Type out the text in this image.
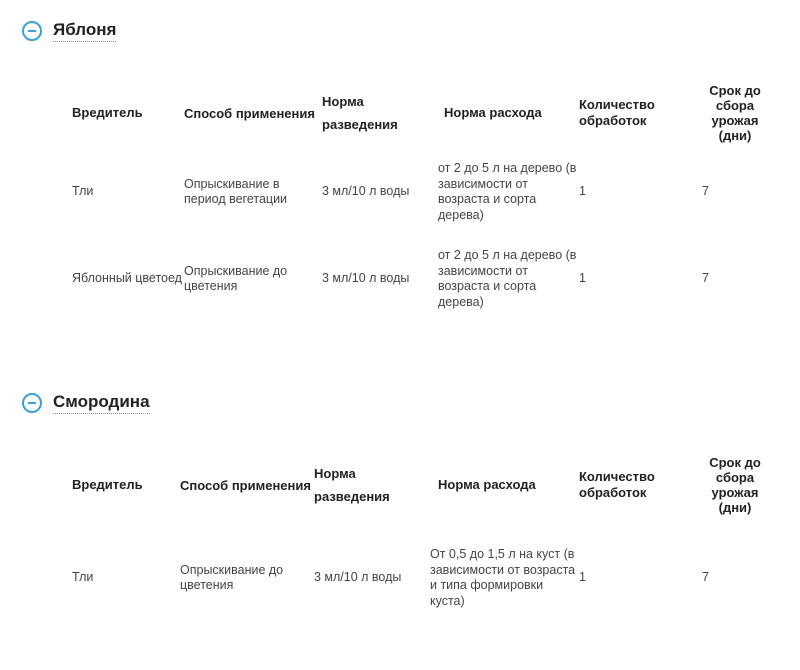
Яблоня
Вредитель	Способ применения	Норма разведения	Норма расхода	Количество обработок	Срок до сбора урожая (дни)
Тли	Опрыскивание в период вегетации	3 мл/10 л воды	от 2 до 5 л на дерево (в зависимости от возраста и сорта дерева)	1	7
Яблонный цветоед	Опрыскивание до цветения	3 мл/10 л воды	от 2 до 5 л на дерево (в зависимости от возраста и сорта дерева)	1	7
Смородина
Вредитель	Способ применения	Норма разведения	Норма расхода	Количество обработок	Срок до сбора урожая (дни)
Тли	Опрыскивание до цветения	3 мл/10 л воды	От 0,5 до 1,5 л на куст (в зависимости от возраста и типа формировки куста)	1	7
